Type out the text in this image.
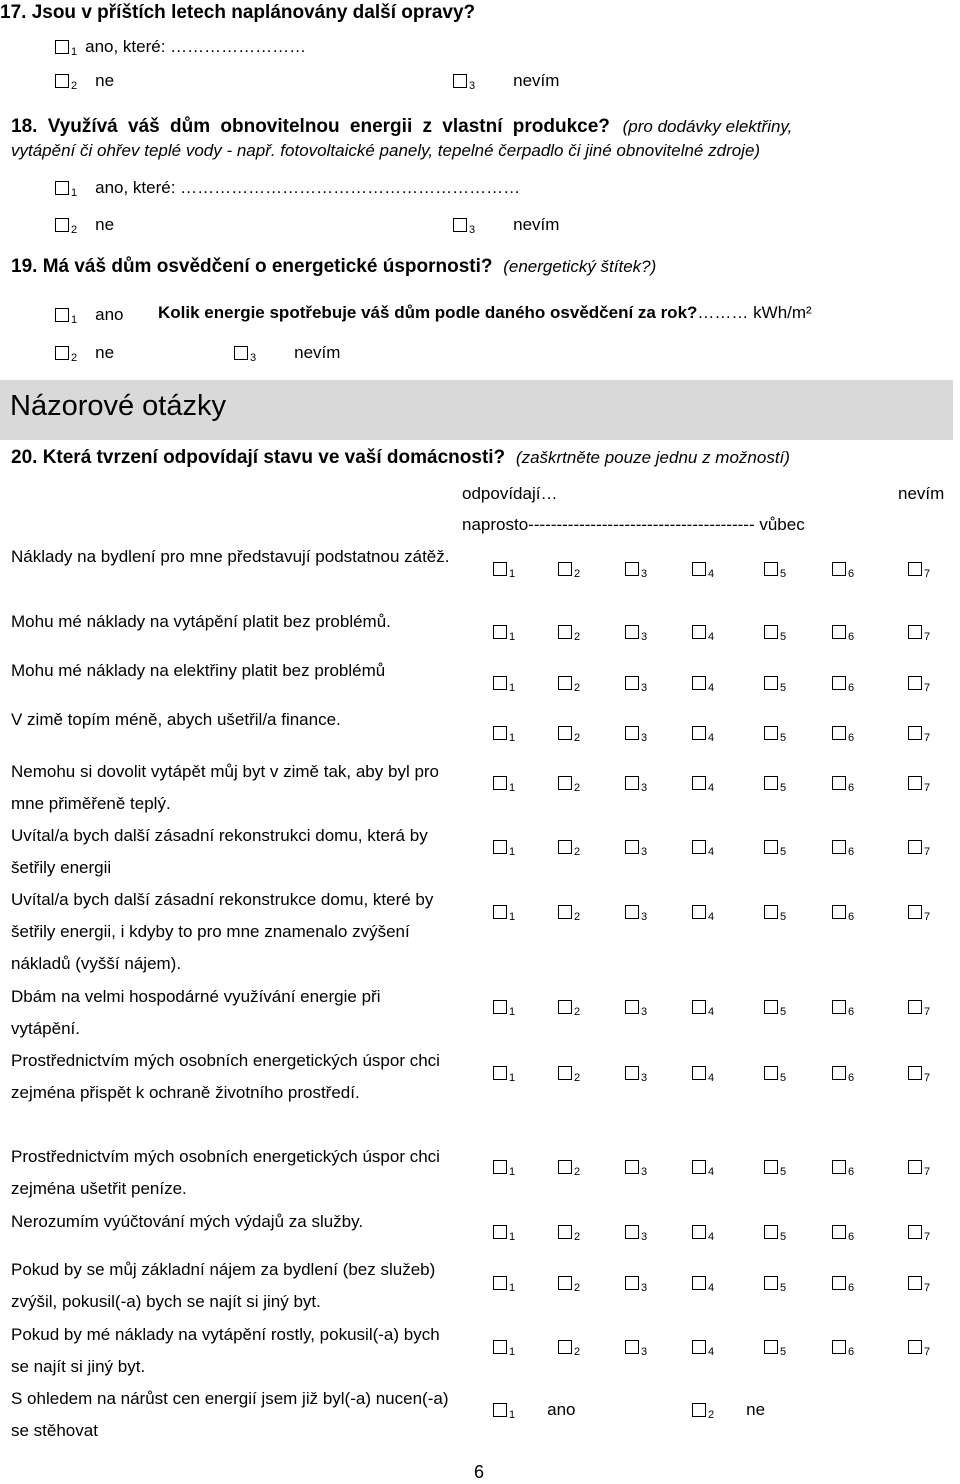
17. Jsou v příštích letech naplánovány další opravy?
1 ano, které: ……………………
2 ne	3 nevím
18. Využívá váš dům obnovitelnou energii z vlastní produkce? (pro dodávky elektřiny,
vytápění či ohřev teplé vody - např. fotovoltaické panely, tepelné čerpadlo či jiné obnovitelné zdroje)
1 ano, které: ……………………………………………………
2 ne	3 nevím
19. Má váš dům osvědčení o energetické úspornosti? (energetický štítek?)
1 ano Kolik energie spotřebuje váš dům podle daného osvědčení za rok?……… kWh/m²
2 ne	3 nevím
Názorové otázky
20. Která tvrzení odpovídají stavu ve vaší domácnosti? (zaškrtněte pouze jednu z možností)
odpovídají…	nevím
naprosto---------------------------------------- vůbec
Náklady na bydlení pro mne představují podstatnou zátěž.
1	2	3	4	5	6	7
Mohu mé náklady na vytápění platit bez problémů.
1	2	3	4	5	6	7
Mohu mé náklady na elektřiny platit bez problémů
1	2	3	4	5	6	7
V zimě topím méně, abych ušetřil/a finance.
1	2	3	4	5	6	7
Nemohu si dovolit vytápět můj byt v zimě tak, aby byl pro mne přiměřeně teplý.
1	2	3	4	5	6	7
Uvítal/a bych další zásadní rekonstrukci domu, která by šetřily energii
1	2	3	4	5	6	7
Uvítal/a bych další zásadní rekonstrukce domu, které by šetřily energii, i kdyby to pro mne znamenalo zvýšení nákladů (vyšší nájem).
1	2	3	4	5	6	7
Dbám na velmi hospodárné využívání energie při vytápění.
1	2	3	4	5	6	7
Prostřednictvím mých osobních energetických úspor chci zejména přispět k ochraně životního prostředí.
1	2	3	4	5	6	7
Prostřednictvím mých osobních energetických úspor chci zejména ušetřit peníze.
1	2	3	4	5	6	7
Nerozumím vyúčtování mých výdajů za služby.
1	2	3	4	5	6	7
Pokud by se můj základní nájem za bydlení (bez služeb) zvýšil, pokusil(-a) bych se najít si jiný byt.
1	2	3	4	5	6	7
Pokud by mé náklady na vytápění rostly, pokusil(-a) bych se najít si jiný byt.
1	2	3	4	5	6	7
S ohledem na nárůst cen energií jsem již byl(-a) nucen(-a) se stěhovat
1 ano	2 ne
6
